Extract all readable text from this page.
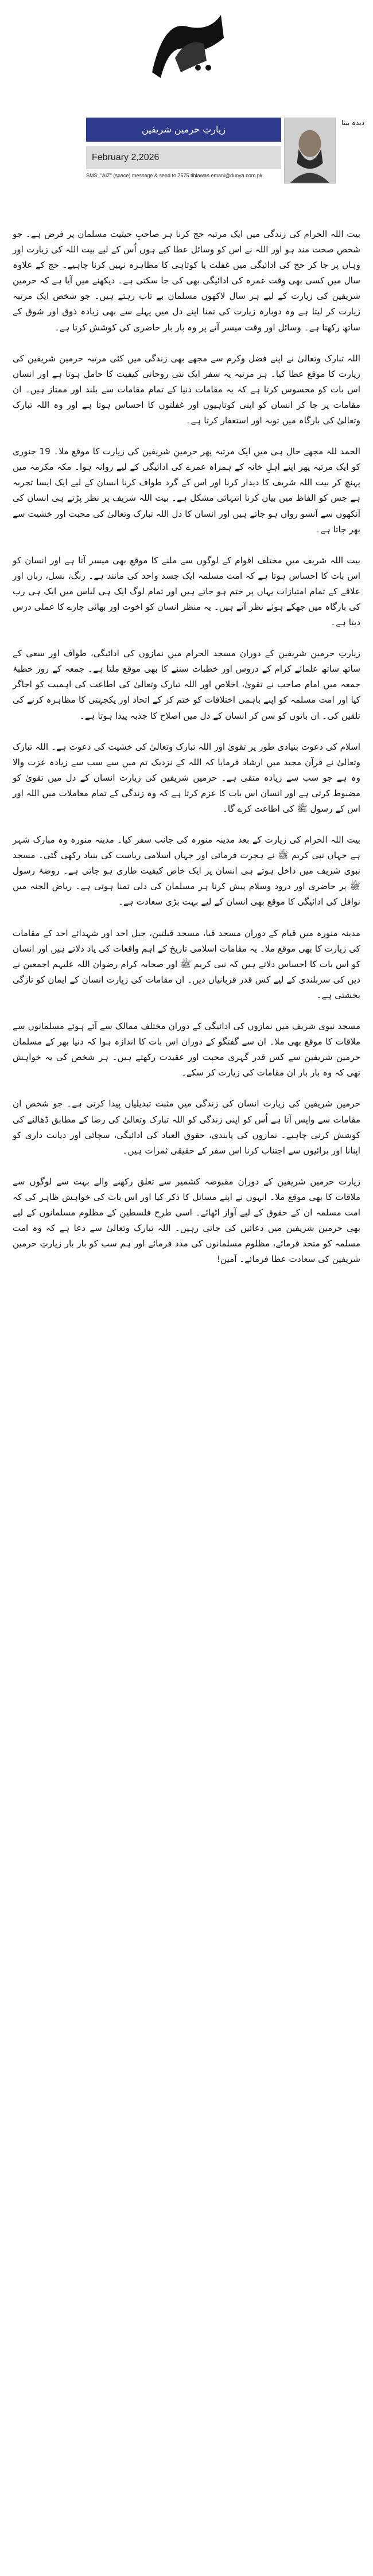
زیارتِ حرمین شریفین
February 2,2026
SMS: "AIZ" (space) message & send to 7575 tiblawan.emani@dunya.com.pk
دیدہ بینا

بیت اللہ الحرام کی زندگی میں ایک مرتبہ حج کرنا ہر صاحبِ حیثیت مسلمان پر فرض ہے۔ جو شخص صحت مند ہو اور اللہ نے اس کو وسائل عطا کیے ہوں اُس کے لیے بیت اللہ کی زیارت اور وہاں پر جا کر حج کی ادائیگی میں غفلت یا کوتاہی کا مظاہرہ نہیں کرنا چاہیے۔ حج کے علاوہ سال میں کسی بھی وقت عمرہ کی ادائیگی بھی کی جا سکتی ہے۔ دیکھنے میں آیا ہے کہ حرمین شریفین کی زیارت کے لیے ہر سال لاکھوں مسلمان بے تاب رہتے ہیں۔ جو شخص ایک مرتبہ زیارت کر لیتا ہے وہ دوبارہ زیارت کی تمنا اپنے دل میں پہلے سے بھی زیادہ ذوق اور شوق کے ساتھ رکھتا ہے۔ وسائل اور وقت میسر آنے پر وہ بار بار حاضری کی کوشش کرتا ہے۔

اللہ تبارک وتعالیٰ نے اپنے فضل وکرم سے مجھے بھی زندگی میں کئی مرتبہ حرمین شریفین کی زیارت کا موقع عطا کیا۔ ہر مرتبہ یہ سفر ایک نئی روحانی کیفیت کا حامل ہوتا ہے اور انسان اس بات کو محسوس کرتا ہے کہ یہ مقامات دنیا کے تمام مقامات سے بلند اور ممتاز ہیں۔ ان مقامات پر جا کر انسان کو اپنی کوتاہیوں اور غفلتوں کا احساس ہوتا ہے اور وہ اللہ تبارک وتعالیٰ کی بارگاہ میں توبہ اور استغفار کرتا ہے۔

الحمد للہ مجھے حال ہی میں ایک مرتبہ پھر حرمین شریفین کی زیارت کا موقع ملا۔ 19 جنوری کو ایک مرتبہ پھر اپنے اہلِ خانہ کے ہمراہ عمرے کی ادائیگی کے لیے روانہ ہوا۔ مکہ مکرمہ میں پہنچ کر بیت اللہ شریف کا دیدار کرنا اور اس کے گرد طواف کرنا انسان کے لیے ایک ایسا تجربہ ہے جس کو الفاظ میں بیان کرنا انتہائی مشکل ہے۔ بیت اللہ شریف پر نظر پڑتے ہی انسان کی آنکھوں سے آنسو رواں ہو جاتے ہیں اور انسان کا دل اللہ تبارک وتعالیٰ کی محبت اور خشیت سے بھر جاتا ہے۔

بیت اللہ شریف میں مختلف اقوام کے لوگوں سے ملنے کا موقع بھی میسر آتا ہے اور انسان کو اس بات کا احساس ہوتا ہے کہ امت مسلمہ ایک جسد واحد کی مانند ہے۔ رنگ، نسل، زبان اور علاقے کے تمام امتیازات یہاں پر ختم ہو جاتے ہیں اور تمام لوگ ایک ہی لباس میں ایک ہی رب کی بارگاہ میں جھکے ہوئے نظر آتے ہیں۔ یہ منظر انسان کو اخوت اور بھائی چارے کا عملی درس دیتا ہے۔

زیارتِ حرمین شریفین کے دوران مسجد الحرام میں نمازوں کی ادائیگی، طواف اور سعی کے ساتھ ساتھ علمائے کرام کے دروس اور خطبات سننے کا بھی موقع ملتا ہے۔ جمعہ کے روز خطبۂ جمعہ میں امام صاحب نے تقویٰ، اخلاص اور اللہ تبارک وتعالیٰ کی اطاعت کی اہمیت کو اجاگر کیا اور امت مسلمہ کو اپنے باہمی اختلافات کو ختم کر کے اتحاد اور یکجہتی کا مظاہرہ کرنے کی تلقین کی۔ ان باتوں کو سن کر انسان کے دل میں اصلاح کا جذبہ پیدا ہوتا ہے۔

اسلام کی دعوت بنیادی طور پر تقویٰ اور اللہ تبارک وتعالیٰ کی خشیت کی دعوت ہے۔ اللہ تبارک وتعالیٰ نے قرآن مجید میں ارشاد فرمایا کہ اللہ کے نزدیک تم میں سے سب سے زیادہ عزت والا وہ ہے جو سب سے زیادہ متقی ہے۔ حرمین شریفین کی زیارت انسان کے دل میں تقویٰ کو مضبوط کرتی ہے اور انسان اس بات کا عزم کرتا ہے کہ وہ زندگی کے تمام معاملات میں اللہ اور اس کے رسول ﷺ کی اطاعت کرے گا۔

بیت اللہ الحرام کی زیارت کے بعد مدینہ منورہ کی جانب سفر کیا۔ مدینہ منورہ وہ مبارک شہر ہے جہاں نبی کریم ﷺ نے ہجرت فرمائی اور جہاں اسلامی ریاست کی بنیاد رکھی گئی۔ مسجد نبوی شریف میں داخل ہوتے ہی انسان پر ایک خاص کیفیت طاری ہو جاتی ہے۔ روضۂ رسول ﷺ پر حاضری اور درود وسلام پیش کرنا ہر مسلمان کی دلی تمنا ہوتی ہے۔ ریاض الجنہ میں نوافل کی ادائیگی کا موقع بھی انسان کے لیے بہت بڑی سعادت ہے۔

مدینہ منورہ میں قیام کے دوران مسجد قبا، مسجد قبلتین، جبل احد اور شہدائے احد کے مقامات کی زیارت کا بھی موقع ملا۔ یہ مقامات اسلامی تاریخ کے اہم واقعات کی یاد دلاتے ہیں اور انسان کو اس بات کا احساس دلاتے ہیں کہ نبی کریم ﷺ اور صحابہ کرام رضوان اللہ علیہم اجمعین نے دین کی سربلندی کے لیے کس قدر قربانیاں دیں۔ ان مقامات کی زیارت انسان کے ایمان کو تازگی بخشتی ہے۔

مسجد نبوی شریف میں نمازوں کی ادائیگی کے دوران مختلف ممالک سے آئے ہوئے مسلمانوں سے ملاقات کا موقع بھی ملا۔ ان سے گفتگو کے دوران اس بات کا اندازہ ہوا کہ دنیا بھر کے مسلمان حرمین شریفین سے کس قدر گہری محبت اور عقیدت رکھتے ہیں۔ ہر شخص کی یہ خواہش تھی کہ وہ بار بار ان مقامات کی زیارت کر سکے۔

حرمین شریفین کی زیارت انسان کی زندگی میں مثبت تبدیلیاں پیدا کرتی ہے۔ جو شخص ان مقامات سے واپس آتا ہے اُس کو اپنی زندگی کو اللہ تبارک وتعالیٰ کی رضا کے مطابق ڈھالنے کی کوشش کرنی چاہیے۔ نمازوں کی پابندی، حقوق العباد کی ادائیگی، سچائی اور دیانت داری کو اپنانا اور برائیوں سے اجتناب کرنا اس سفر کے حقیقی ثمرات ہیں۔

زیارت حرمین شریفین کے دوران مقبوضہ کشمیر سے تعلق رکھنے والے بہت سے لوگوں سے ملاقات کا بھی موقع ملا۔ انہوں نے اپنے مسائل کا ذکر کیا اور اس بات کی خواہش ظاہر کی کہ امت مسلمہ ان کے حقوق کے لیے آواز اٹھائے۔ اسی طرح فلسطین کے مظلوم مسلمانوں کے لیے بھی حرمین شریفین میں دعائیں کی جاتی رہیں۔ اللہ تبارک وتعالیٰ سے دعا ہے کہ وہ امت مسلمہ کو متحد فرمائے، مظلوم مسلمانوں کی مدد فرمائے اور ہم سب کو بار بار زیارتِ حرمین شریفین کی سعادت عطا فرمائے۔ آمین!
